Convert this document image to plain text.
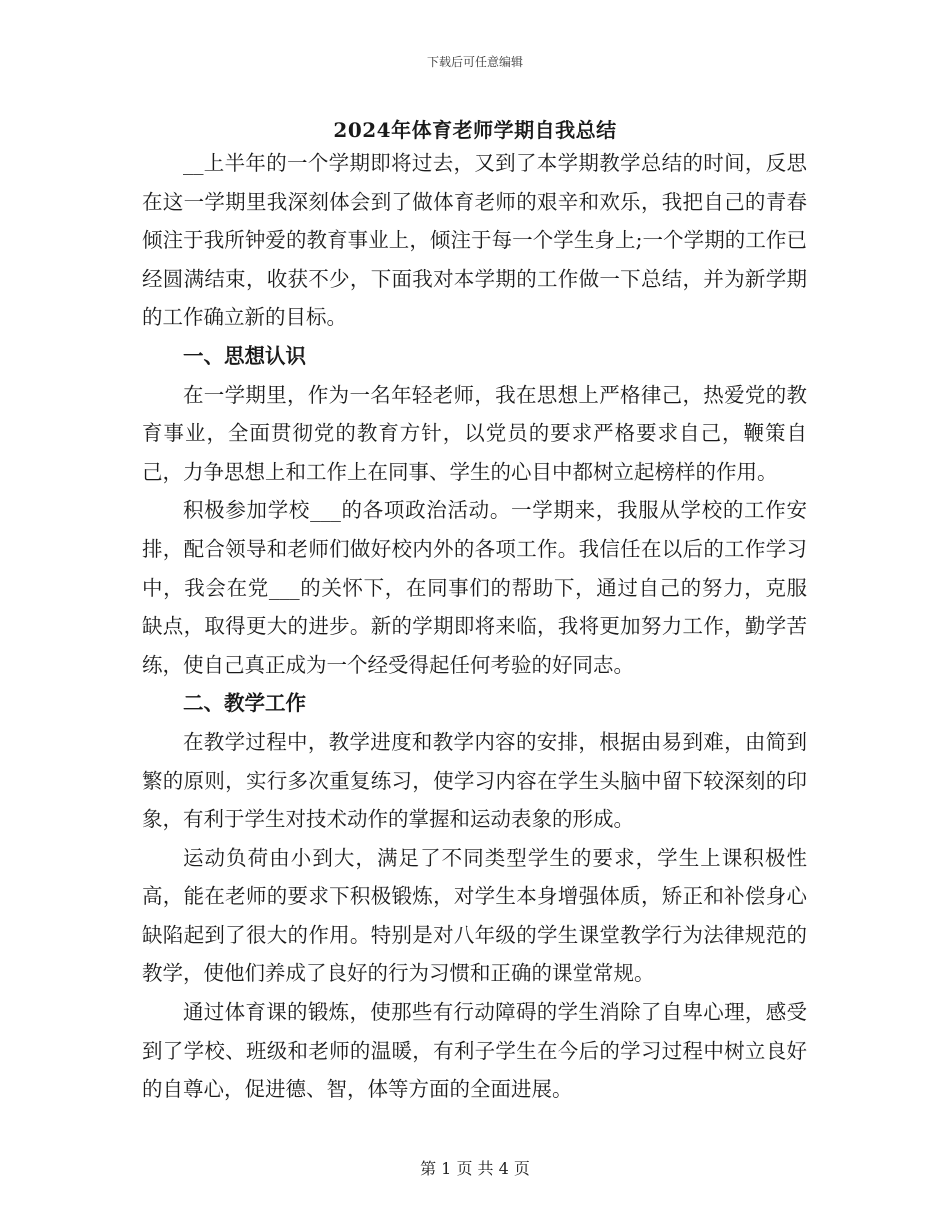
下载后可任意编辑
2024年体育老师学期自我总结

__上半年的一个学期即将过去，又到了本学期教学总结的时间，反思在这一学期里我深刻体会到了做体育老师的艰辛和欢乐，我把自己的青春倾注于我所钟爱的教育事业上，倾注于每一个学生身上;一个学期的工作已经圆满结束，收获不少，下面我对本学期的工作做一下总结，并为新学期的工作确立新的目标。

一、思想认识

在一学期里，作为一名年轻老师，我在思想上严格律己，热爱党的教育事业，全面贯彻党的教育方针，以党员的要求严格要求自己，鞭策自己，力争思想上和工作上在同事、学生的心目中都树立起榜样的作用。

积极参加学校___的各项政治活动。一学期来，我服从学校的工作安排，配合领导和老师们做好校内外的各项工作。我信任在以后的工作学习中，我会在党___的关怀下，在同事们的帮助下，通过自己的努力，克服缺点，取得更大的进步。新的学期即将来临，我将更加努力工作，勤学苦练，使自己真正成为一个经受得起任何考验的好同志。

二、教学工作

在教学过程中，教学进度和教学内容的安排，根据由易到难，由简到繁的原则，实行多次重复练习，使学习内容在学生头脑中留下较深刻的印象，有利于学生对技术动作的掌握和运动表象的形成。

运动负荷由小到大，满足了不同类型学生的要求，学生上课积极性高，能在老师的要求下积极锻炼，对学生本身增强体质，矫正和补偿身心缺陷起到了很大的作用。特别是对八年级的学生课堂教学行为法律规范的教学，使他们养成了良好的行为习惯和正确的课堂常规。

通过体育课的锻炼，使那些有行动障碍的学生消除了自卑心理，感受到了学校、班级和老师的温暖，有利子学生在今后的学习过程中树立良好的自尊心，促进德、智，体等方面的全面进展。

第 1 页 共 4 页
